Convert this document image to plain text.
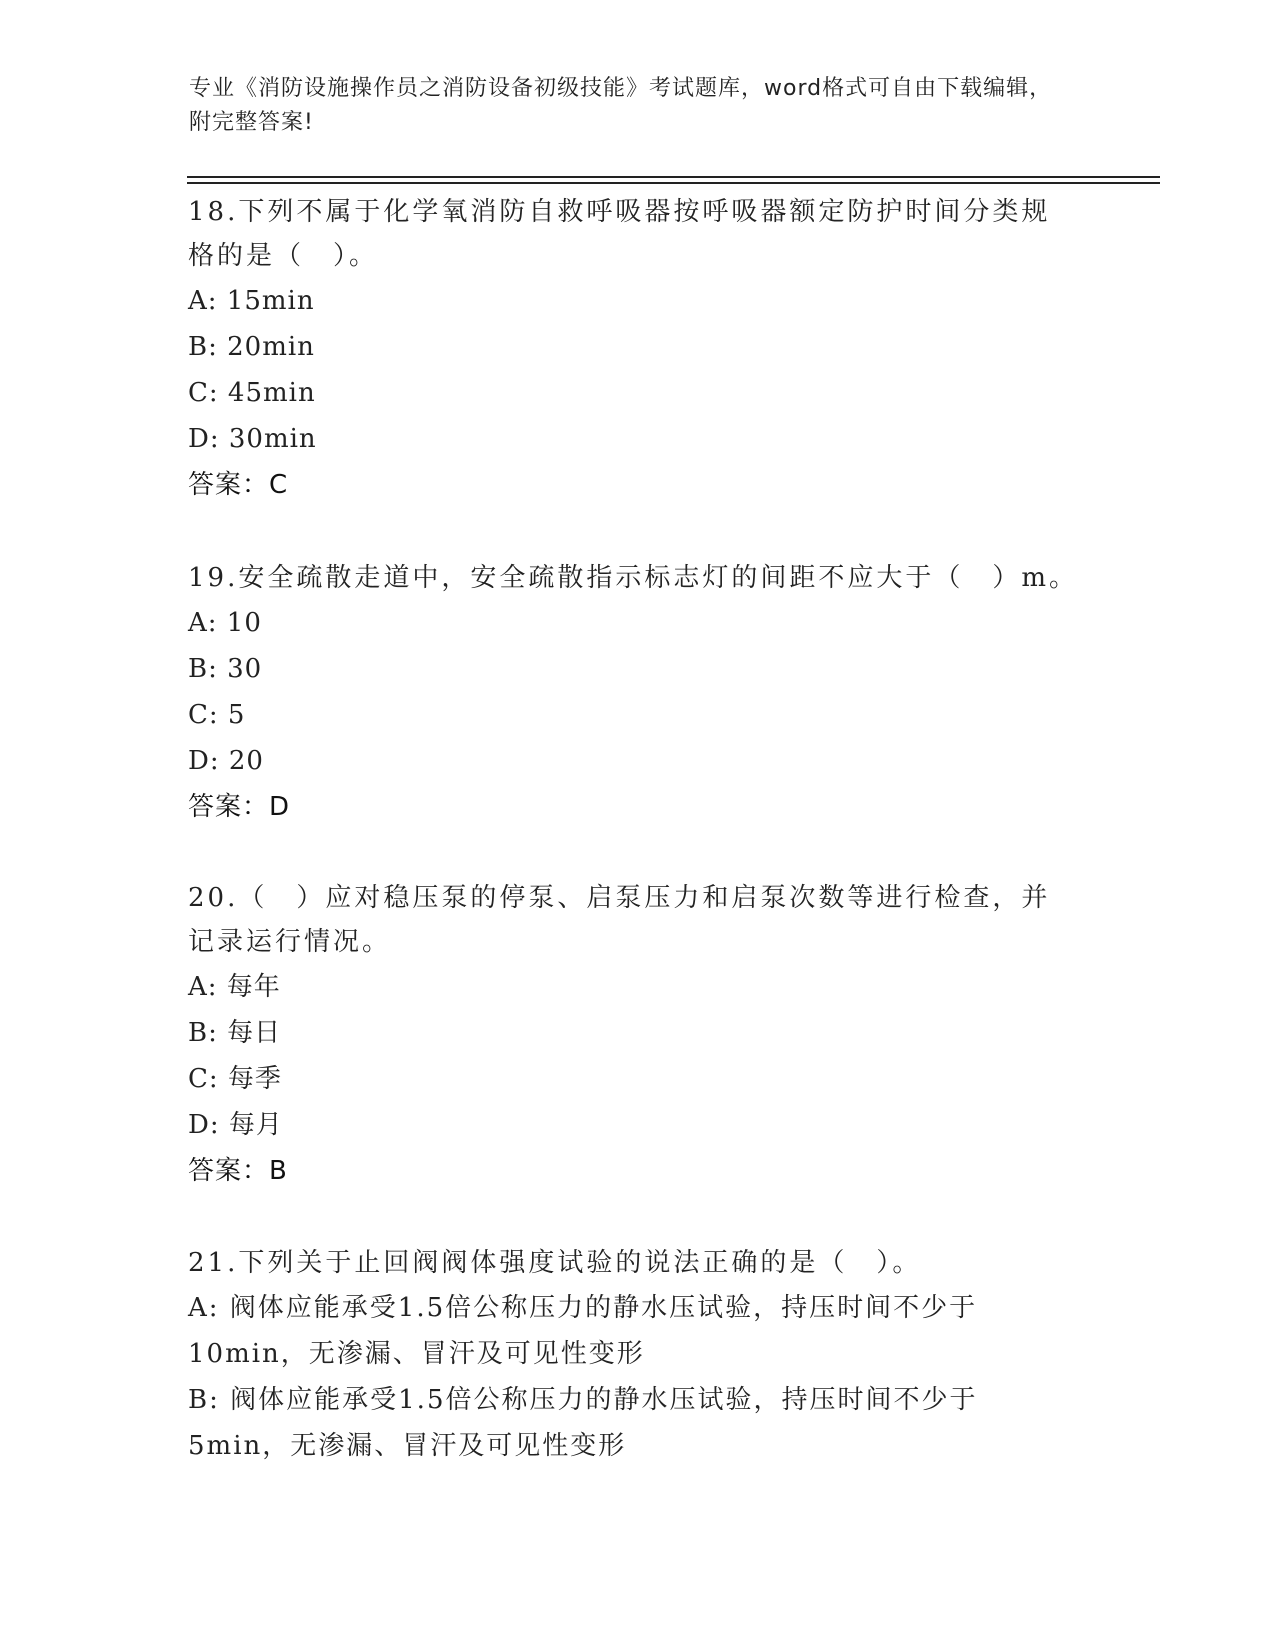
专业《消防设施操作员之消防设备初级技能》考试题库，word格式可自由下载编辑，附完整答案!

18.下列不属于化学氧消防自救呼吸器按呼吸器额定防护时间分类规格的是（　）。

A: 15min

B: 20min

C: 45min

D: 30min

答案：C

19.安全疏散走道中，安全疏散指示标志灯的间距不应大于（　）m。

A: 10

B: 30

C: 5

D: 20

答案：D

20.（　）应对稳压泵的停泵、启泵压力和启泵次数等进行检查，并记录运行情况。

A: 每年

B: 每日

C: 每季

D: 每月

答案：B

21.下列关于止回阀阀体强度试验的说法正确的是（　）。

A: 阀体应能承受1.5倍公称压力的静水压试验，持压时间不少于10min，无渗漏、冒汗及可见性变形

B: 阀体应能承受1.5倍公称压力的静水压试验，持压时间不少于5min，无渗漏、冒汗及可见性变形
